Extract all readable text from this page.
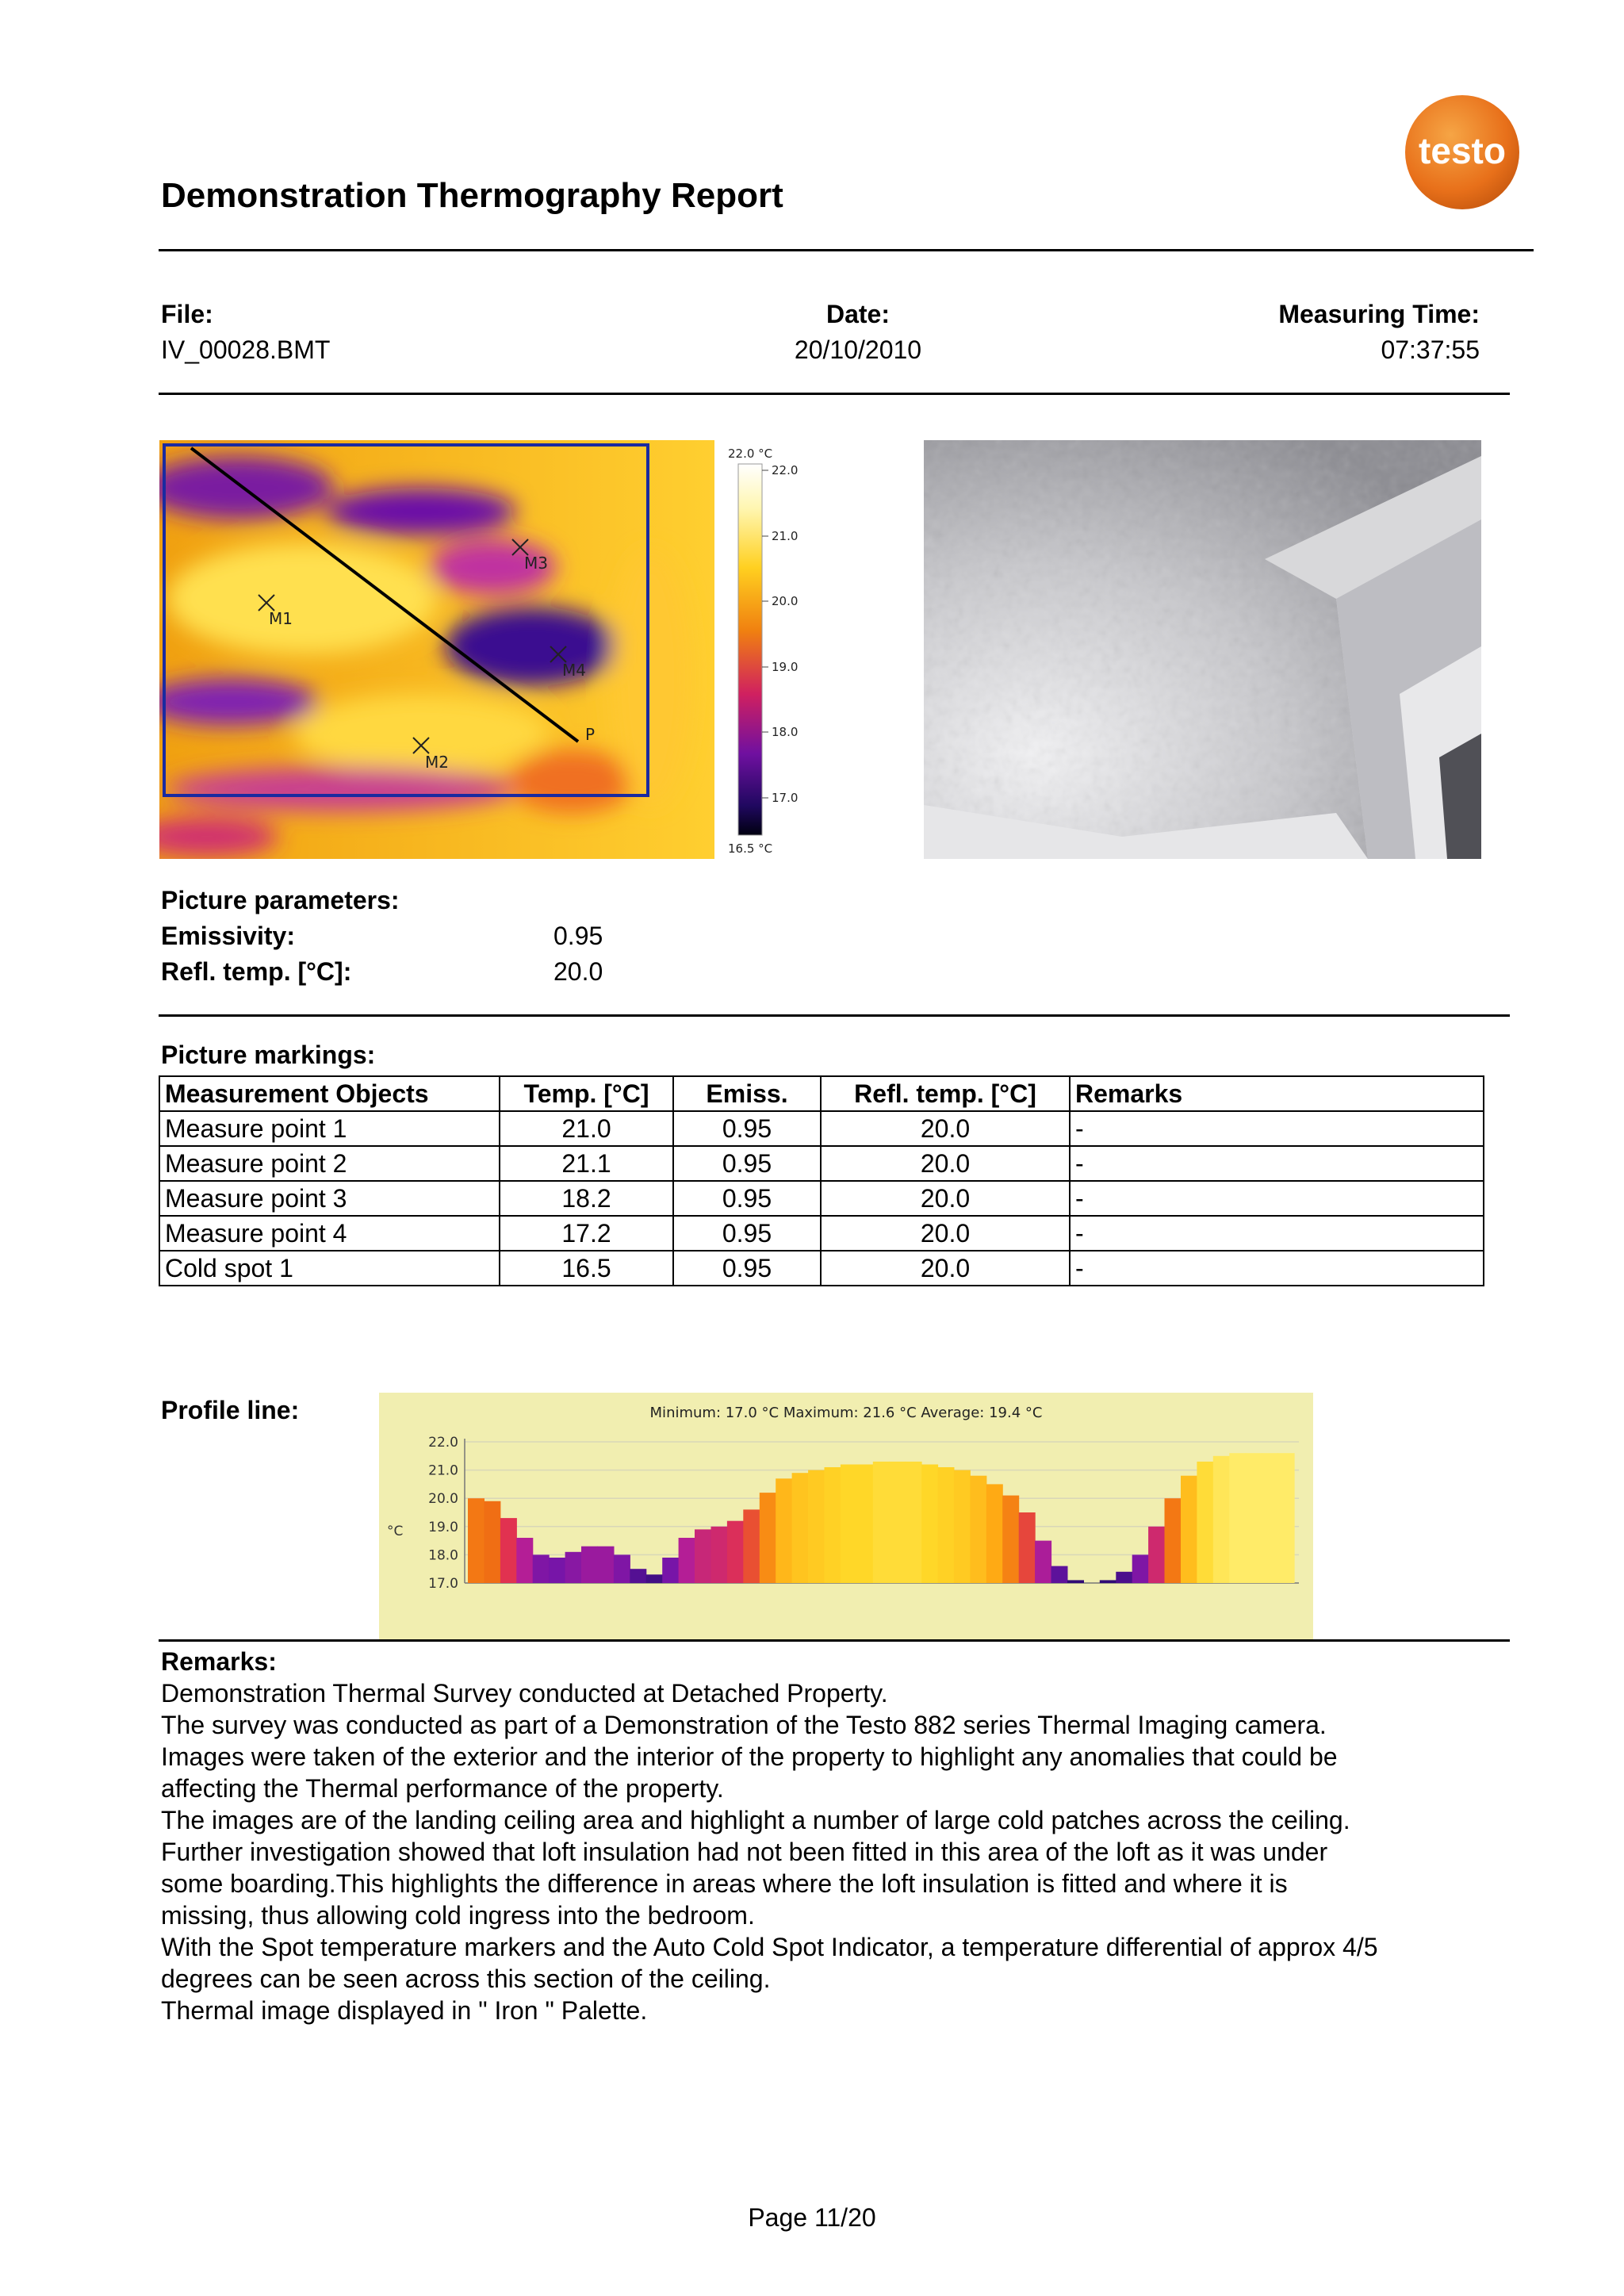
Demonstration Thermography Report
testo
File:
IV_00028.BMT
Date:
20/10/2010
Measuring Time:
07:37:55
M1
M2
M3
M4
P
22.0 °C
16.5 °C
22.0
21.0
20.0
19.0
18.0
17.0
Picture parameters:
Emissivity:	0.95
Refl. temp. [°C]:	20.0
Picture markings:
Measurement Objects	Temp. [°C]	Emiss.	Refl. temp. [°C]	Remarks
Measure point 1	21.0	0.95	20.0	-
Measure point 2	21.1	0.95	20.0	-
Measure point 3	18.2	0.95	20.0	-
Measure point 4	17.2	0.95	20.0	-
Cold spot 1	16.5	0.95	20.0	-
Profile line:	Minimum: 17.0 °C Maximum: 21.6 °C Average: 19.4 °C
°C
22.0
21.0
20.0
19.0
18.0
17.0

Remarks:

Demonstration Thermal Survey conducted at Detached Property.

The survey was conducted as part of a Demonstration of the Testo 882 series Thermal Imaging camera.

Images were taken of the exterior and the interior of the property to highlight any anomalies that could be

affecting the Thermal performance of the property.

The images are of the landing ceiling area and highlight a number of large cold patches across the ceiling.

Further investigation showed that loft insulation had not been fitted in this area of the loft as it was under

some boarding.This highlights the difference in areas where the loft insulation is fitted and where it is

missing, thus allowing cold ingress into the bedroom.

With the Spot temperature markers and the Auto Cold Spot Indicator, a temperature differential of approx 4/5

degrees can be seen across this section of the ceiling.

Thermal image displayed in " Iron " Palette.

Page 11/20
